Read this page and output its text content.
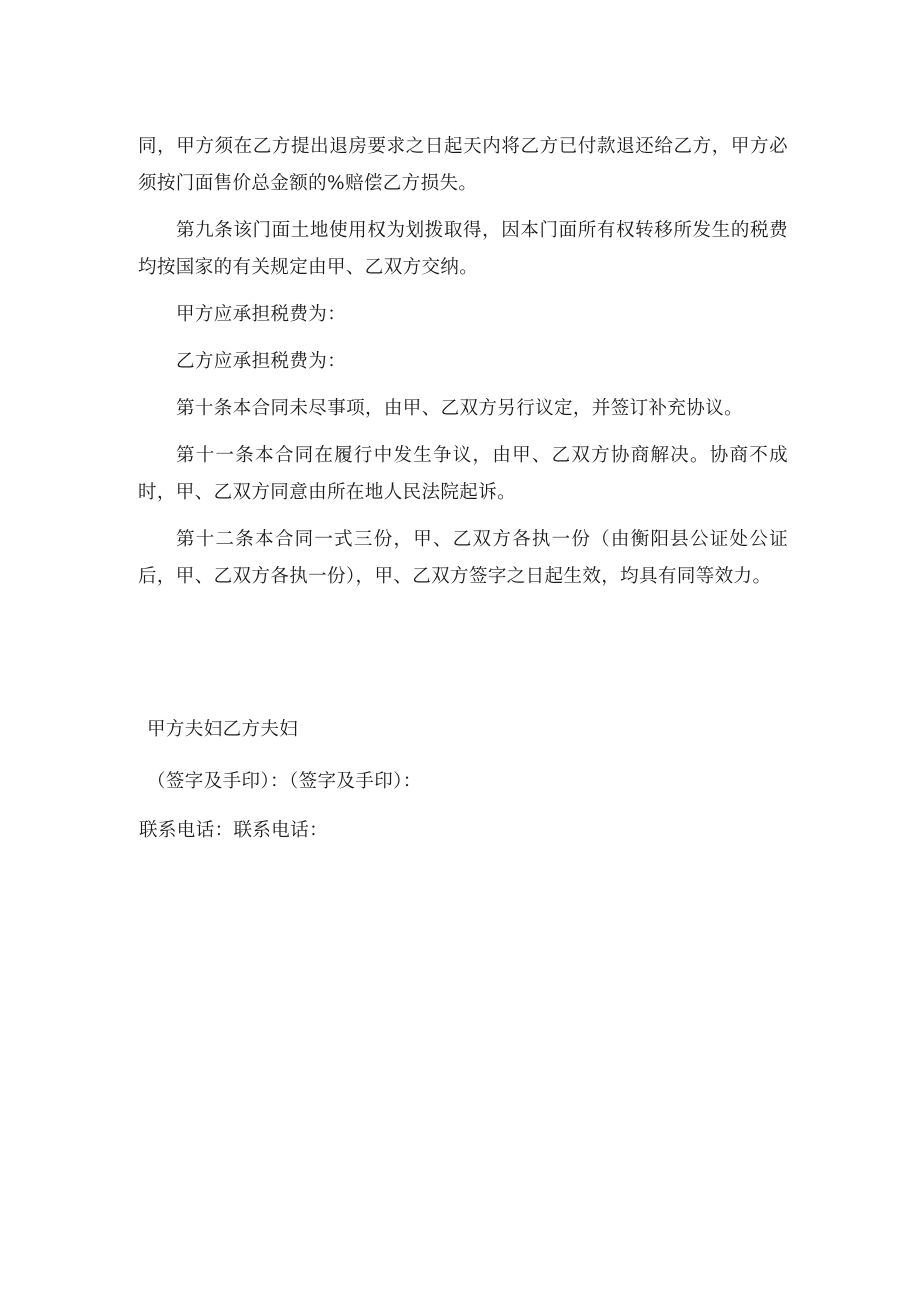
同，甲方须在乙方提出退房要求之日起天内将乙方已付款退还给乙方，甲方必须按门面售价总金额的%赔偿乙方损失。

第九条该门面土地使用权为划拨取得，因本门面所有权转移所发生的税费均按国家的有关规定由甲、乙双方交纳。

甲方应承担税费为：

乙方应承担税费为：

第十条本合同未尽事项，由甲、乙双方另行议定，并签订补充协议。

第十一条本合同在履行中发生争议，由甲、乙双方协商解决。协商不成时，甲、乙双方同意由所在地人民法院起诉。

第十二条本合同一式三份，甲、乙双方各执一份（由衡阳县公证处公证后，甲、乙双方各执一份），甲、乙双方签字之日起生效，均具有同等效力。

甲方夫妇乙方夫妇
（签字及手印）：（签字及手印）：
联系电话：联系电话：
